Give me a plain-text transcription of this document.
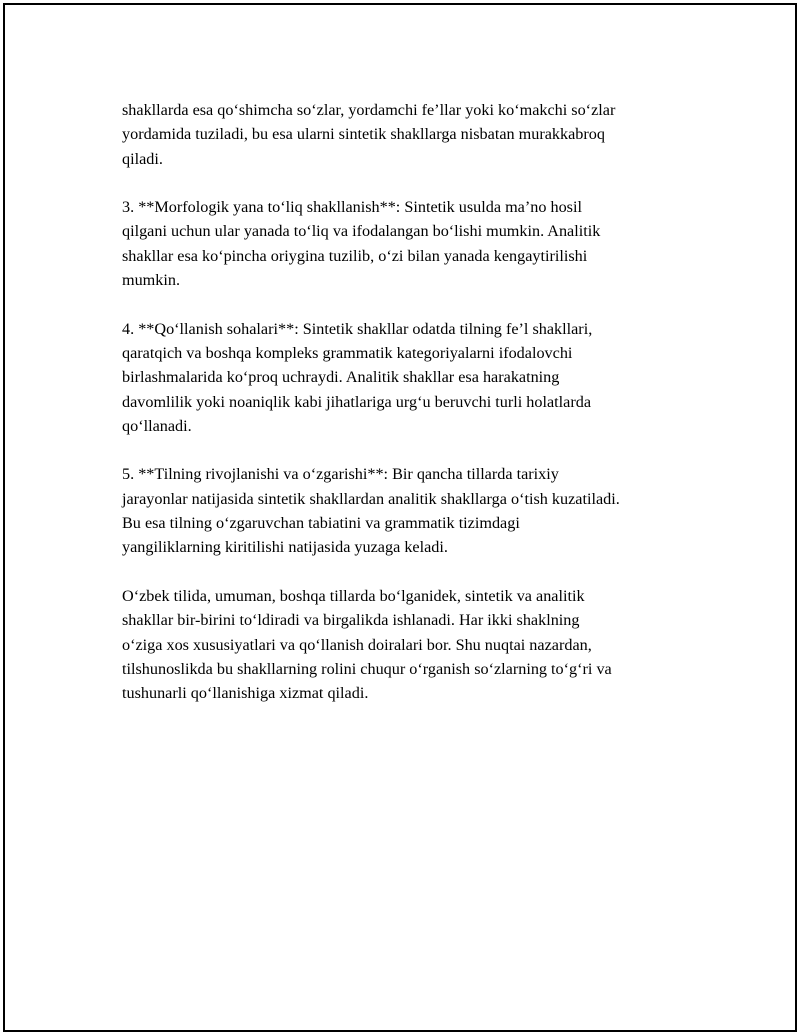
shakllarda esa qo‘shimcha so‘zlar, yordamchi fe’llar yoki ko‘makchi so‘zlar
yordamida tuziladi, bu esa ularni sintetik shakllarga nisbatan murakkabroq
qiladi.

3. **Morfologik yana to‘liq shakllanish**: Sintetik usulda ma’no hosil
qilgani uchun ular yanada to‘liq va ifodalangan bo‘lishi mumkin. Analitik
shakllar esa ko‘pincha oriygina tuzilib, o‘zi bilan yanada kengaytirilishi
mumkin.

4. **Qo‘llanish sohalari**: Sintetik shakllar odatda tilning fe’l shakllari,
qaratqich va boshqa kompleks grammatik kategoriyalarni ifodalovchi
birlashmalarida ko‘proq uchraydi. Analitik shakllar esa harakatning
davomlilik yoki noaniqlik kabi jihatlariga urg‘u beruvchi turli holatlarda
qo‘llanadi.

5. **Tilning rivojlanishi va o‘zgarishi**: Bir qancha tillarda tarixiy
jarayonlar natijasida sintetik shakllardan analitik shakllarga o‘tish kuzatiladi.
Bu esa tilning o‘zgaruvchan tabiatini va grammatik tizimdagi
yangiliklarning kiritilishi natijasida yuzaga keladi.

O‘zbek tilida, umuman, boshqa tillarda bo‘lganidek, sintetik va analitik
shakllar bir-birini to‘ldiradi va birgalikda ishlanadi. Har ikki shaklning
o‘ziga xos xususiyatlari va qo‘llanish doiralari bor. Shu nuqtai nazardan,
tilshunoslikda bu shakllarning rolini chuqur o‘rganish so‘zlarning to‘g‘ri va
tushunarli qo‘llanishiga xizmat qiladi.
